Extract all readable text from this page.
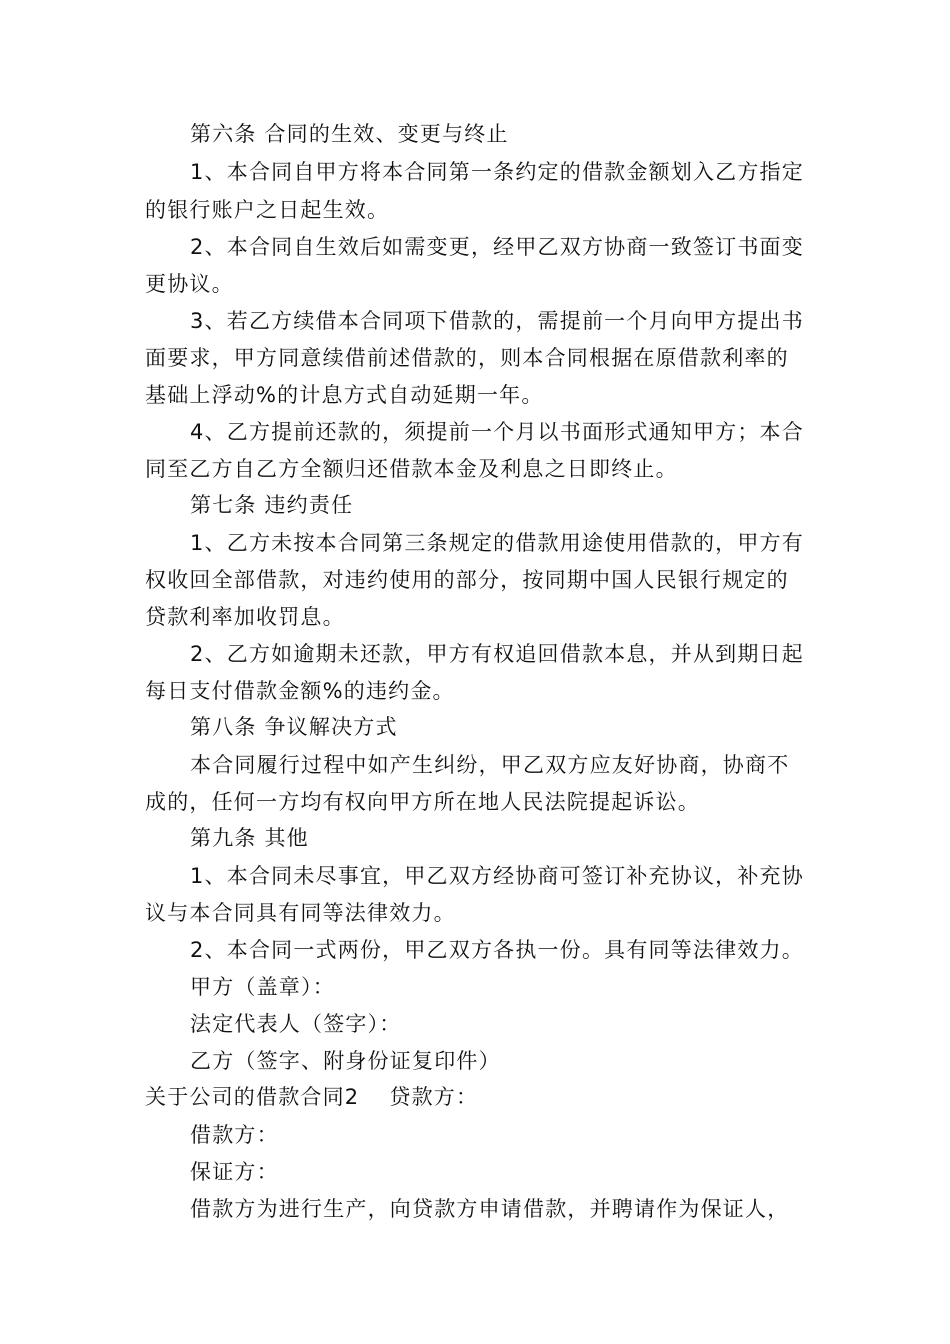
第六条 合同的生效、变更与终止
1、本合同自甲方将本合同第一条约定的借款金额划入乙方指定
的银行账户之日起生效。
2、本合同自生效后如需变更，经甲乙双方协商一致签订书面变
更协议。
3、若乙方续借本合同项下借款的，需提前一个月向甲方提出书
面要求，甲方同意续借前述借款的，则本合同根据在原借款利率的
基础上浮动%的计息方式自动延期一年。
4、乙方提前还款的，须提前一个月以书面形式通知甲方；本合
同至乙方自乙方全额归还借款本金及利息之日即终止。
第七条 违约责任
1、乙方未按本合同第三条规定的借款用途使用借款的，甲方有
权收回全部借款，对违约使用的部分，按同期中国人民银行规定的
贷款利率加收罚息。
2、乙方如逾期未还款，甲方有权追回借款本息，并从到期日起
每日支付借款金额%的违约金。
第八条 争议解决方式
本合同履行过程中如产生纠纷，甲乙双方应友好协商，协商不
成的，任何一方均有权向甲方所在地人民法院提起诉讼。
第九条 其他
1、本合同未尽事宜，甲乙双方经协商可签订补充协议，补充协
议与本合同具有同等法律效力。
2、本合同一式两份，甲乙双方各执一份。具有同等法律效力。
甲方（盖章）：
法定代表人（签字）：
乙方（签字、附身份证复印件）
关于公司的借款合同2 贷款方：
借款方：
保证方：
借款方为进行生产，向贷款方申请借款，并聘请作为保证人，
